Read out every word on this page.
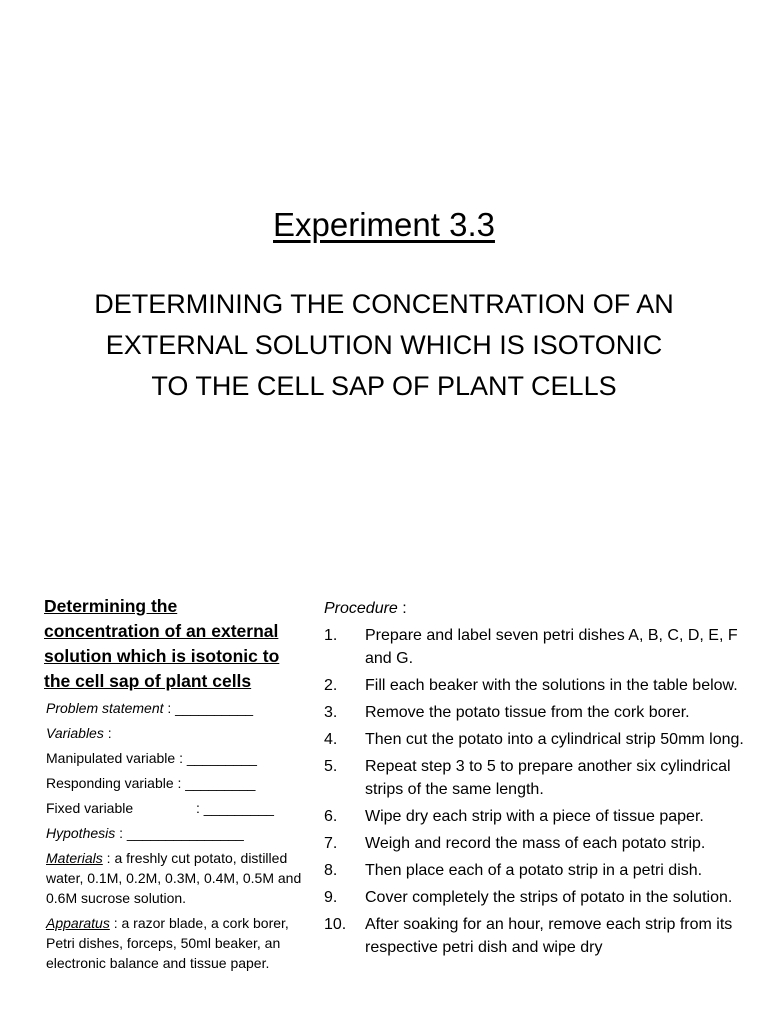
Experiment 3.3
DETERMINING THE CONCENTRATION OF AN
EXTERNAL SOLUTION WHICH IS ISOTONIC
TO THE CELL SAP OF PLANT CELLS
Determining the
concentration of an external
solution which is isotonic to
the cell sap of plant cells
Problem statement : __________
Variables :
Manipulated variable : _________
Responding variable : _________
Fixed variable	: _________
Hypothesis : _______________
Materials : a freshly cut potato, distilled water, 0.1M, 0.2M, 0.3M, 0.4M, 0.5M and 0.6M sucrose solution.
Apparatus : a razor blade, a cork borer, Petri dishes, forceps, 50ml beaker, an electronic balance and tissue paper.
Procedure :
1.	Prepare and label seven petri dishes A, B, C, D, E, F and G.
2.	Fill each beaker with the solutions in the table below.
3.	Remove the potato tissue from the cork borer.
4.	Then cut the potato into a cylindrical strip 50mm long.
5.	Repeat step 3 to 5 to prepare another six cylindrical strips of the same length.
6.	Wipe dry each strip with a piece of tissue paper.
7.	Weigh and record the mass of each potato strip.
8.	Then place each of a potato strip in a petri dish.
9.	Cover completely the strips of potato in the solution.
10.	After soaking for an hour, remove each strip from its respective petri dish and wipe dry
